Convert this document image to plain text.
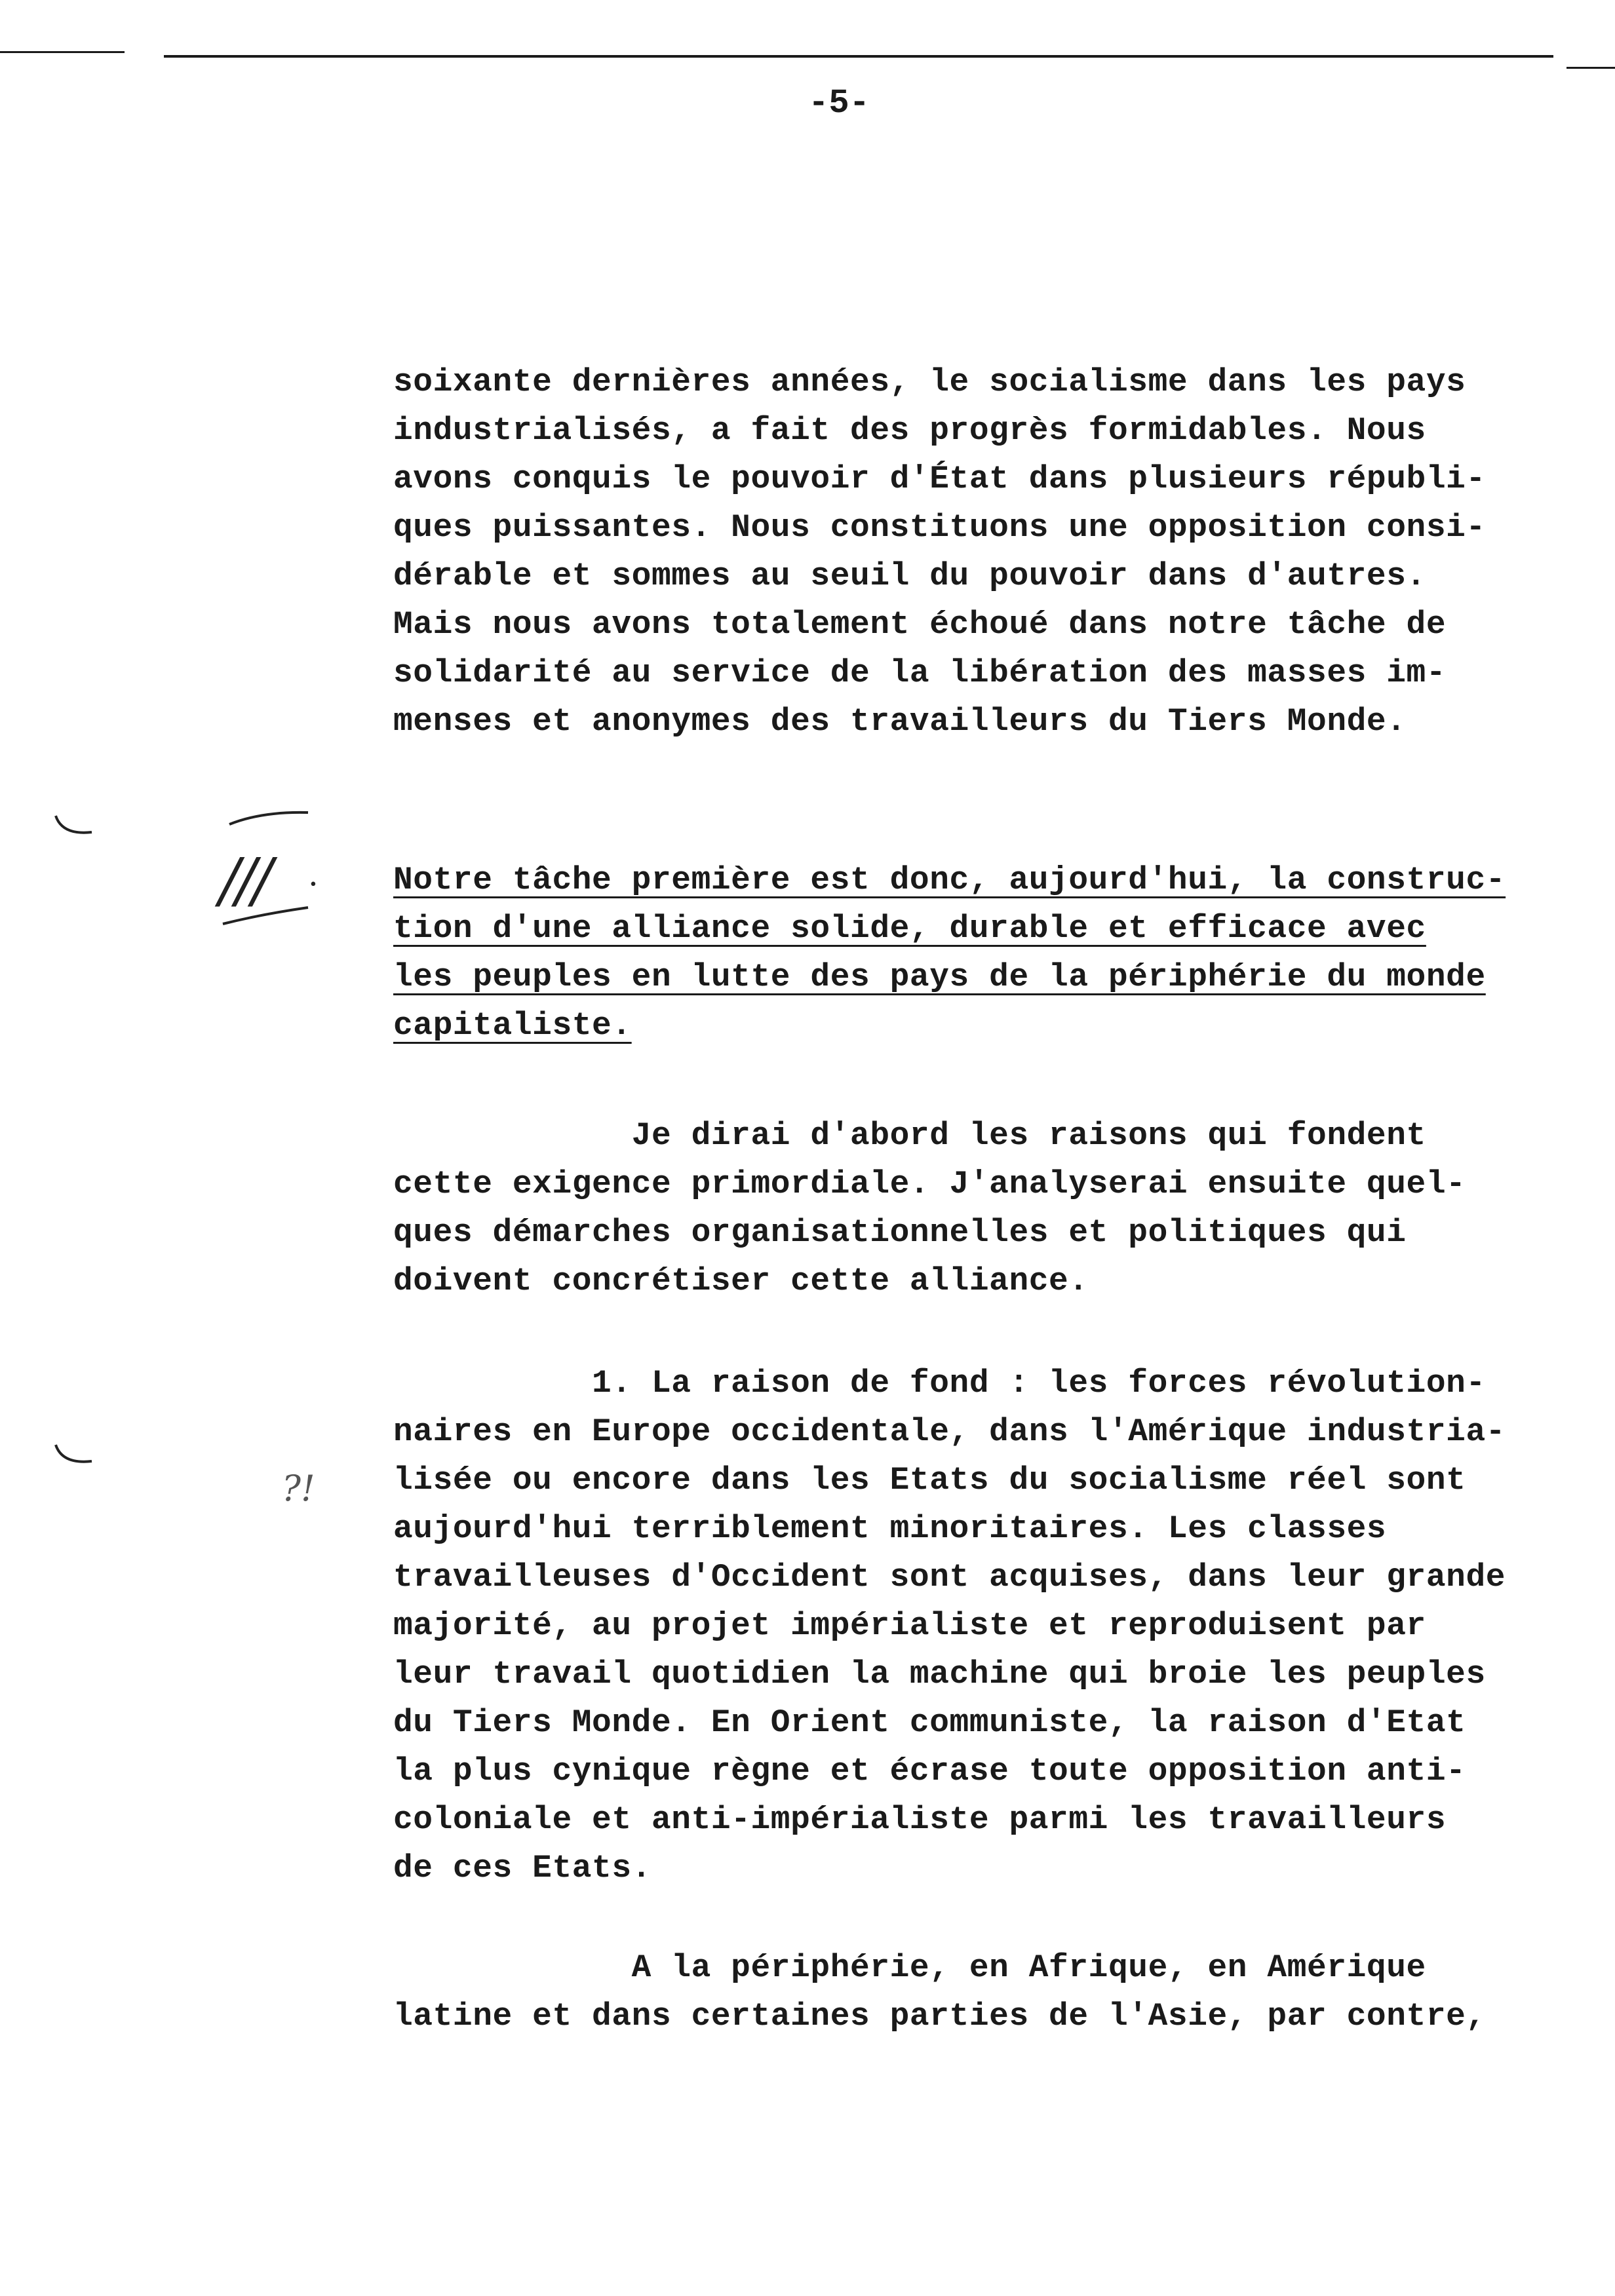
-5-
soixante dernières années, le socialisme dans les pays
industrialisés, a fait des progrès formidables. Nous
avons conquis le pouvoir d'État dans plusieurs républi-
ques puissantes. Nous constituons une opposition consi-
dérable et sommes au seuil du pouvoir dans d'autres.
Mais nous avons totalement échoué dans notre tâche de
solidarité au service de la libération des masses im-
menses et anonymes des travailleurs du Tiers Monde.
Notre tâche première est donc, aujourd'hui, la construc-
tion d'une alliance solide, durable et efficace avec
les peuples en lutte des pays de la périphérie du monde
capitaliste.
Je dirai d'abord les raisons qui fondent
cette exigence primordiale. J'analyserai ensuite quel-
ques démarches organisationnelles et politiques qui
doivent concrétiser cette alliance.
1. La raison de fond : les forces révolution-
naires en Europe occidentale, dans l'Amérique industria-
lisée ou encore dans les Etats du socialisme réel sont
aujourd'hui terriblement minoritaires. Les classes
travailleuses d'Occident sont acquises, dans leur grande
majorité, au projet impérialiste et reproduisent par
leur travail quotidien la machine qui broie les peuples
du Tiers Monde. En Orient communiste, la raison d'Etat
la plus cynique règne et écrase toute opposition anti-
coloniale et anti-impérialiste parmi les travailleurs
de ces Etats.
A la périphérie, en Afrique, en Amérique
latine et dans certaines parties de l'Asie, par contre,
/// ·
?!
